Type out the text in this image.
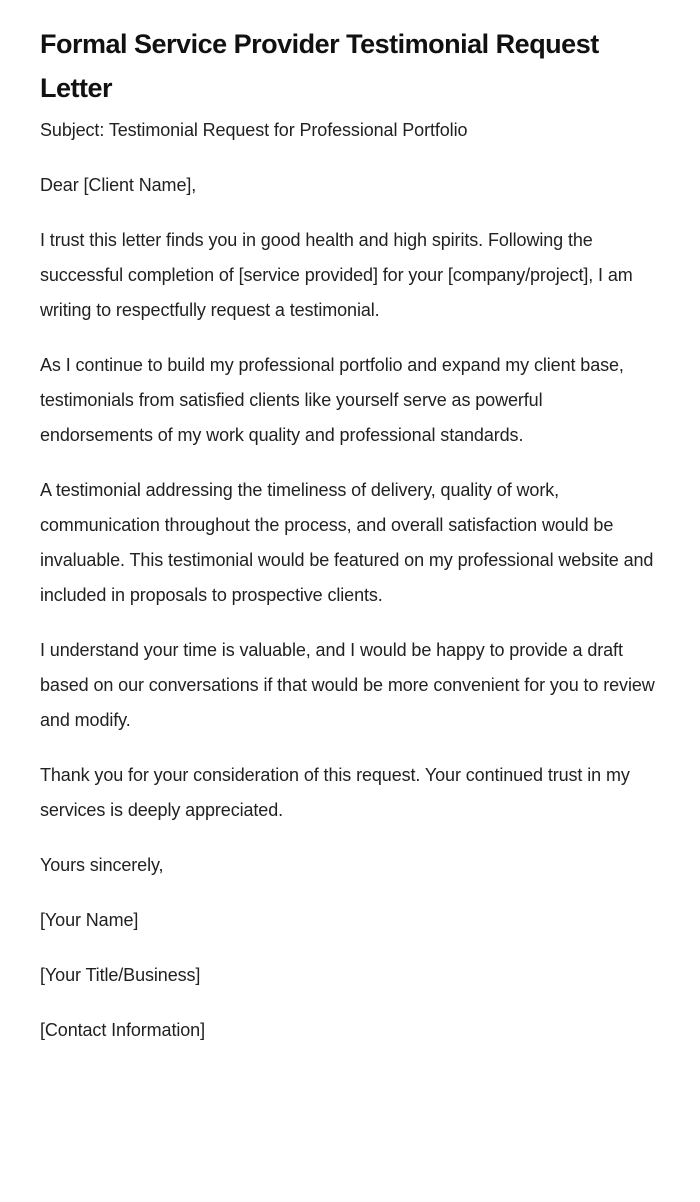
Formal Service Provider Testimonial Request Letter

Subject: Testimonial Request for Professional Portfolio

Dear [Client Name],

I trust this letter finds you in good health and high spirits. Following the successful completion of [service provided] for your [company/project], I am writing to respectfully request a testimonial.

As I continue to build my professional portfolio and expand my client base, testimonials from satisfied clients like yourself serve as powerful endorsements of my work quality and professional standards.

A testimonial addressing the timeliness of delivery, quality of work, communication throughout the process, and overall satisfaction would be invaluable. This testimonial would be featured on my professional website and included in proposals to prospective clients.

I understand your time is valuable, and I would be happy to provide a draft based on our conversations if that would be more convenient for you to review and modify.

Thank you for your consideration of this request. Your continued trust in my services is deeply appreciated.

Yours sincerely,

[Your Name]

[Your Title/Business]

[Contact Information]
